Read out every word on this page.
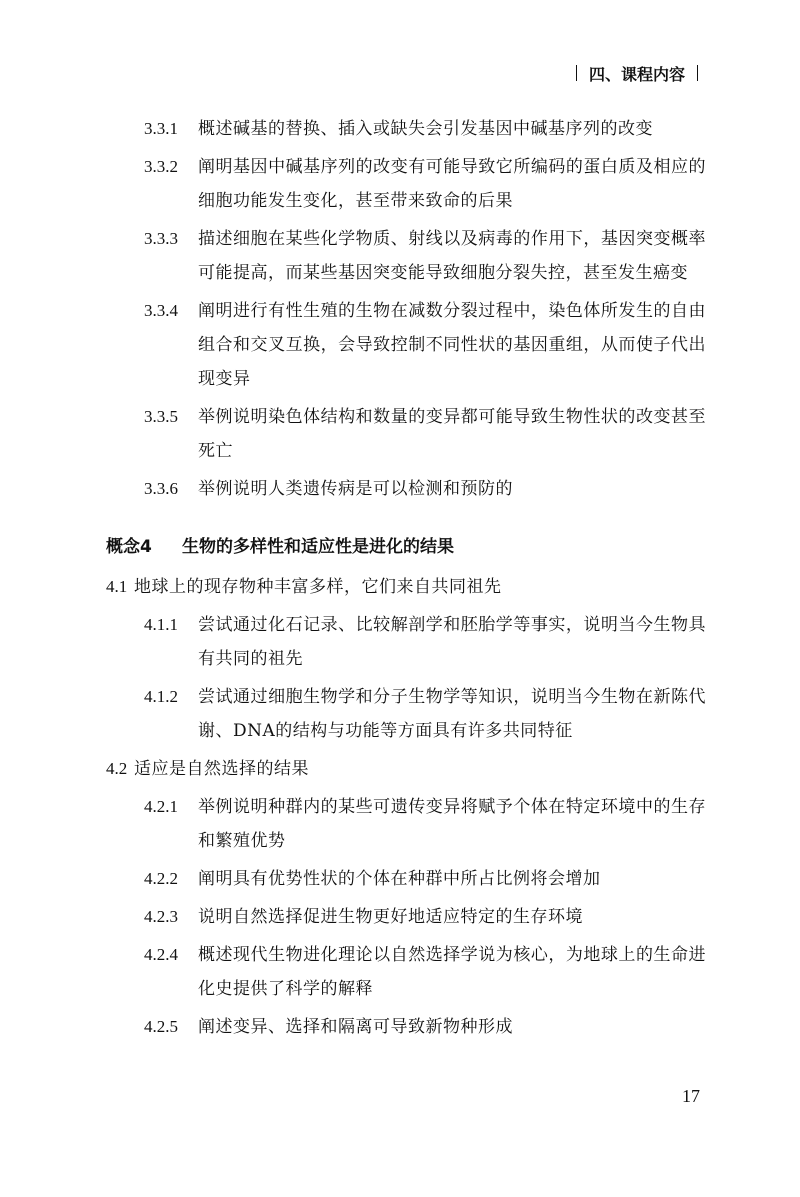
四、课程内容
3.3.1	概述碱基的替换、插入或缺失会引发基因中碱基序列的改变
3.3.2	阐明基因中碱基序列的改变有可能导致它所编码的蛋白质及相应的细胞功能发生变化，甚至带来致命的后果
3.3.3	描述细胞在某些化学物质、射线以及病毒的作用下，基因突变概率可能提高，而某些基因突变能导致细胞分裂失控，甚至发生癌变
3.3.4	阐明进行有性生殖的生物在减数分裂过程中，染色体所发生的自由组合和交叉互换，会导致控制不同性状的基因重组，从而使子代出现变异
3.3.5	举例说明染色体结构和数量的变异都可能导致生物性状的改变甚至死亡
3.3.6	举例说明人类遗传病是可以检测和预防的
概念4	生物的多样性和适应性是进化的结果
4.1 地球上的现存物种丰富多样，它们来自共同祖先
4.1.1	尝试通过化石记录、比较解剖学和胚胎学等事实，说明当今生物具有共同的祖先
4.1.2	尝试通过细胞生物学和分子生物学等知识，说明当今生物在新陈代谢、DNA的结构与功能等方面具有许多共同特征
4.2 适应是自然选择的结果
4.2.1	举例说明种群内的某些可遗传变异将赋予个体在特定环境中的生存和繁殖优势
4.2.2	阐明具有优势性状的个体在种群中所占比例将会增加
4.2.3	说明自然选择促进生物更好地适应特定的生存环境
4.2.4	概述现代生物进化理论以自然选择学说为核心，为地球上的生命进化史提供了科学的解释
4.2.5	阐述变异、选择和隔离可导致新物种形成
17
